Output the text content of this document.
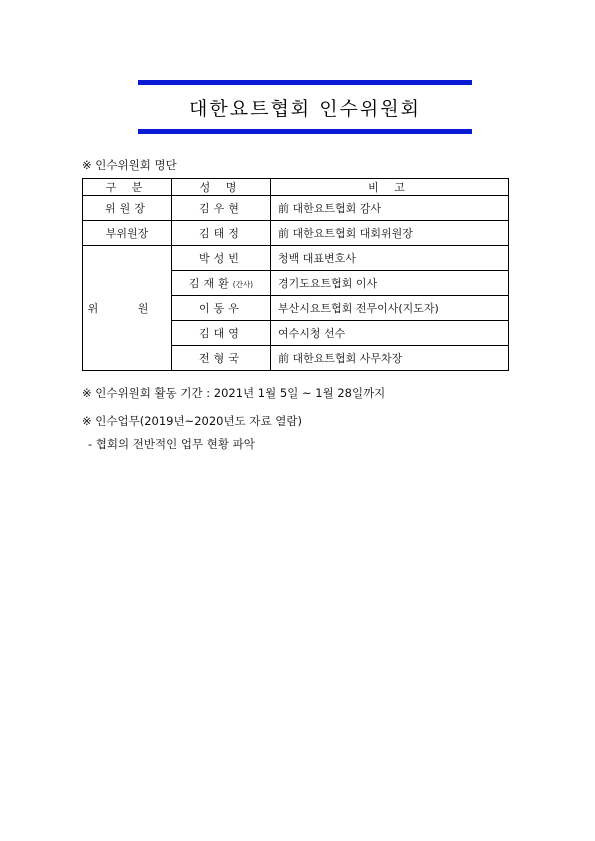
대한요트협회 인수위원회
※ 인수위원회 명단
구 분	성 명	비 고
위원장	김우현	前 대한요트협회 감사
부위원장	김태정	前 대한요트협회 대회위원장
위 원	박성빈	청백 대표변호사
	김재환(간사)	경기도요트협회 이사
	이동우	부산시요트협회 전무이사(지도자)
	김대영	여수시청 선수
	전형국	前 대한요트협회 사무차장
※ 인수위원회 활동 기간 : 2021년 1월 5일 ~ 1월 28일까지
※ 인수업무(2019년~2020년도 자료 열람)
- 협회의 전반적인 업무 현황 파악
